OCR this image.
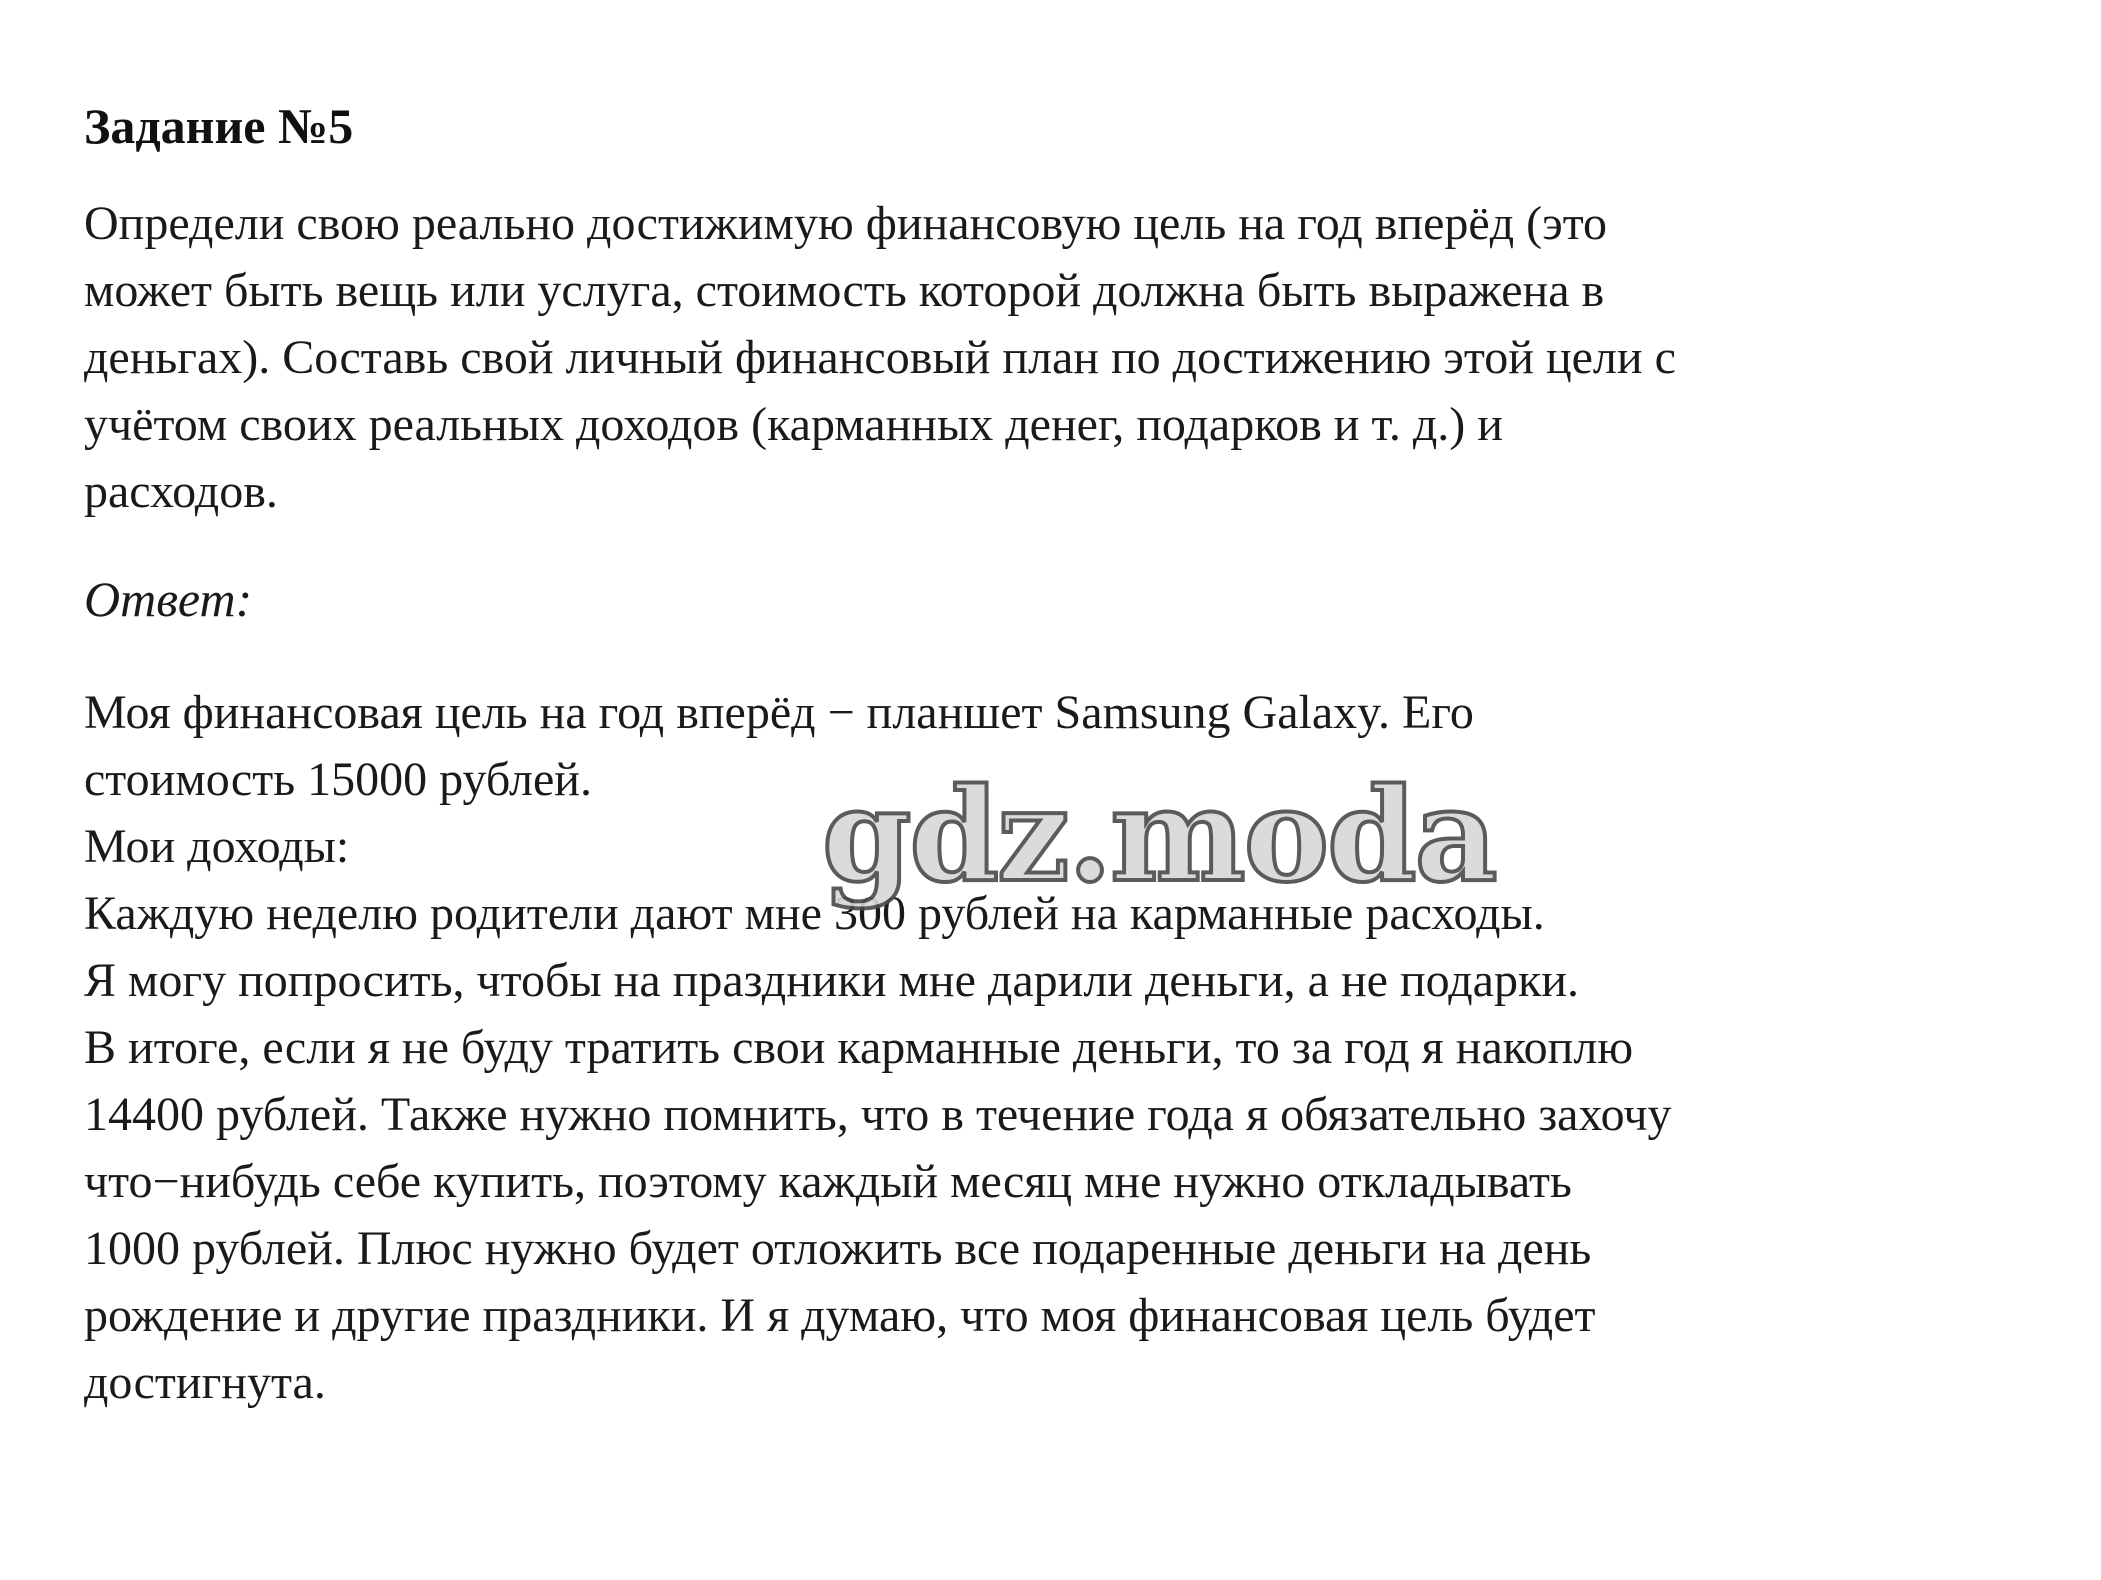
Задание №5
Определи свою реально достижимую финансовую цель на год вперёд (это
может быть вещь или услуга, стоимость которой должна быть выражена в
деньгах). Составь свой личный финансовый план по достижению этой цели с
учётом своих реальных доходов (карманных денег, подарков и т. д.) и
расходов.
Ответ:

Моя финансовая цель на год вперёд − планшет Samsung Galaxy. Его

стоимость 15000 рублей.

Мои доходы:

Каждую неделю родители дают мне 300 рублей на карманные расходы.

Я могу попросить, чтобы на праздники мне дарили деньги, а не подарки.

В итоге, если я не буду тратить свои карманные деньги, то за год я накоплю

14400 рублей. Также нужно помнить, что в течение года я обязательно захочу

что−нибудь себе купить, поэтому каждый месяц мне нужно откладывать

1000 рублей. Плюс нужно будет отложить все подаренные деньги на день

рождение и другие праздники. И я думаю, что моя финансовая цель будет

достигнута.

gdz.moda
